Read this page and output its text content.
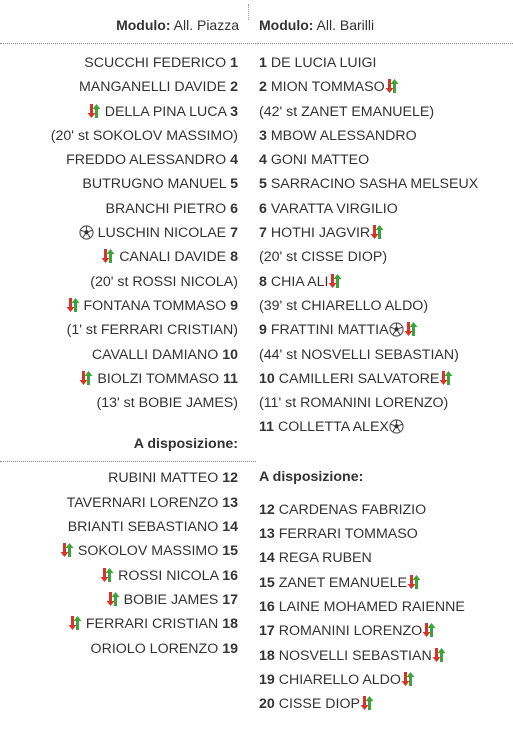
Modulo: All. Piazza
SCUCCHI FEDERICO 1
MANGANELLI DAVIDE 2
DELLA PINA LUCA 3
(20' st SOKOLOV MASSIMO)
FREDDO ALESSANDRO 4
BUTRUGNO MANUEL 5
BRANCHI PIETRO 6
LUSCHIN NICOLAE 7
CANALI DAVIDE 8
(20' st ROSSI NICOLA)
FONTANA TOMMASO 9
(1' st FERRARI CRISTIAN)
CAVALLI DAMIANO 10
BIOLZI TOMMASO 11
(13' st BOBIE JAMES)
A disposizione:
RUBINI MATTEO 12
TAVERNARI LORENZO 13
BRIANTI SEBASTIANO 14
SOKOLOV MASSIMO 15
ROSSI NICOLA 16
BOBIE JAMES 17
FERRARI CRISTIAN 18
ORIOLO LORENZO 19
Modulo: All. Barilli
1 DE LUCIA LUIGI
2 MION TOMMASO
(42' st ZANET EMANUELE)
3 MBOW ALESSANDRO
4 GONI MATTEO
5 SARRACINO SASHA MELSEUX
6 VARATTA VIRGILIO
7 HOTHI JAGVIR
(20' st CISSE DIOP)
8 CHIA ALI
(39' st CHIARELLO ALDO)
9 FRATTINI MATTIA
(44' st NOSVELLI SEBASTIAN)
10 CAMILLERI SALVATORE
(11' st ROMANINI LORENZO)
11 COLLETTA ALEX
A disposizione:
12 CARDENAS FABRIZIO
13 FERRARI TOMMASO
14 REGA RUBEN
15 ZANET EMANUELE
16 LAINE MOHAMED RAIENNE
17 ROMANINI LORENZO
18 NOSVELLI SEBASTIAN
19 CHIARELLO ALDO
20 CISSE DIOP
